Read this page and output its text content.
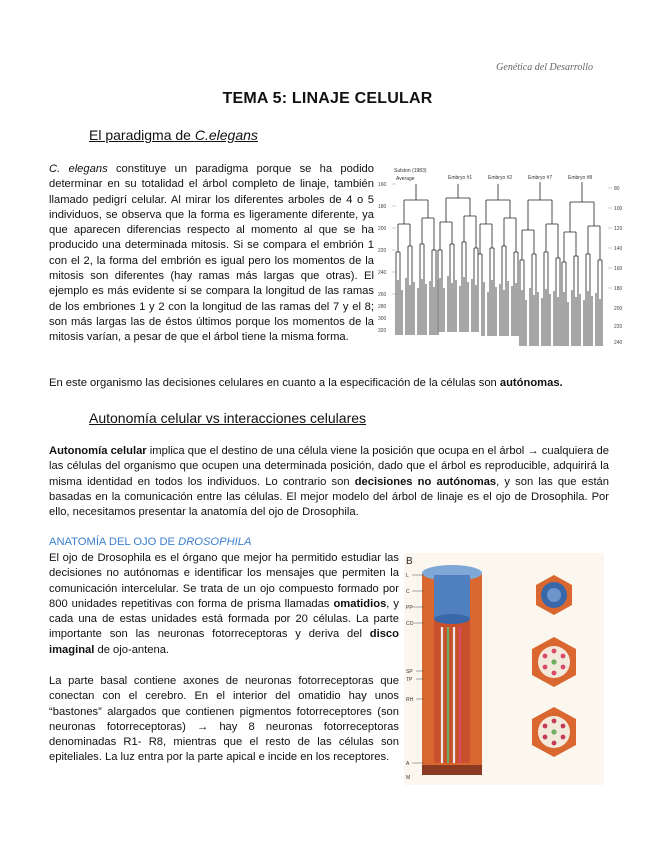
Genética del Desarrollo
TEMA 5: LINAJE CELULAR
El paradigma de C.elegans
C. elegans constituye un paradigma porque se ha podido determinar en su totalidad el árbol completo de linaje, también llamado pedigrí celular. Al mirar los diferentes arboles de 4 o 5 individuos, se observa que la forma es ligeramente diferente, ya que aparecen diferencias respecto al momento al que se ha producido una determinada mitosis. Si se compara el embrión 1 con el 2, la forma del embrión es igual pero los momentos de la mitosis son diferentes (hay ramas más largas que otras). El ejemplo es más evidente si se compara la longitud de las ramas de los embriones 1 y 2 con la longitud de las ramas del 7 y el 8; son más largas las de éstos últimos porque los momentos de la mitosis varían, a pesar de que el árbol tiene la misma forma.
Sulston (1983)
Average	Embryo #1	Embryo #2	Embryo #7	Embryo #8
160
180
200
220
240
260
280
300
320
80
100
120
140
160
180
200
220
240
En este organismo las decisiones celulares en cuanto a la especificación de la células son autónomas.
Autonomía celular vs interacciones celulares
Autonomía celular implica que el destino de una célula viene la posición que ocupa en el árbol → cualquiera de las células del organismo que ocupen una determinada posición, dado que el árbol es reproducible, adquirirá la misma identidad en todos los individuos. Lo contrario son decisiones no autónomas, y son las que están basadas en la comunicación entre las células. El mejor modelo del árbol de linaje es el ojo de Drosophila. Por ello, necesitamos presentar la anatomía del ojo de Drosophila.
ANATOMÍA DEL OJO DE DROSOPHILA
El ojo de Drosophila es el órgano que mejor ha permitido estudiar las decisiones no autónomas e identificar los mensajes que permiten la comunicación intercelular. Se trata de un ojo compuesto formado por 800 unidades repetitivas con forma de prisma llamadas omatidios, y cada una de estas unidades está formada por 20 células. La parte importante son las neuronas fotorreceptoras y deriva del disco imaginal de ojo-antena.
La parte basal contiene axones de neuronas fotorreceptoras que conectan con el cerebro. En el interior del omatidio hay unos “bastones” alargados que contienen pigmentos fotorreceptores (son neuronas fotorreceptoras) → hay 8 neuronas fotorreceptoras denominadas R1- R8, mientras que el resto de las células son epiteliales. La luz entra por la parte apical e incide en los receptores.
B
L
C
PP
CC
SP
TP
RH
A
M
